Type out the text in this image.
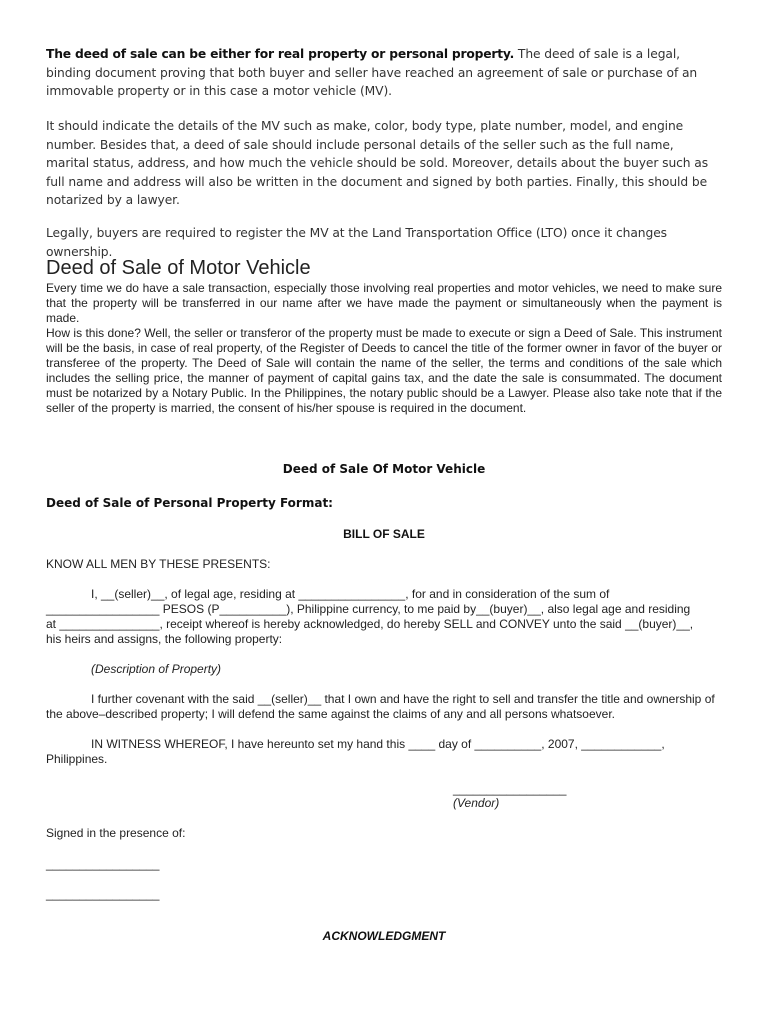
The deed of sale can be either for real property or personal property. The deed of sale is a legal, binding document proving that both buyer and seller have reached an agreement of sale or purchase of an immovable property or in this case a motor vehicle (MV).

It should indicate the details of the MV such as make, color, body type, plate number, model, and engine number. Besides that, a deed of sale should include personal details of the seller such as the full name, marital status, address, and how much the vehicle should be sold. Moreover, details about the buyer such as full name and address will also be written in the document and signed by both parties. Finally, this should be notarized by a lawyer.

Legally, buyers are required to register the MV at the Land Transportation Office (LTO) once it changes ownership.

Deed of Sale of Motor Vehicle

Every time we do have a sale transaction, especially those involving real properties and motor vehicles, we need to make sure that the property will be transferred in our name after we have made the payment or simultaneously when the payment is made.

How is this done? Well, the seller or transferor of the property must be made to execute or sign a Deed of Sale. This instrument will be the basis, in case of real property, of the Register of Deeds to cancel the title of the former owner in favor of the buyer or transferee of the property. The Deed of Sale will contain the name of the seller, the terms and conditions of the sale which includes the selling price, the manner of payment of capital gains tax, and the date the sale is consummated. The document must be notarized by a Notary Public. In the Philippines, the notary public should be a Lawyer. Please also take note that if the seller of the property is married, the consent of his/her spouse is required in the document.

Deed of Sale Of Motor Vehicle
Deed of Sale of Personal Property Format:
BILL OF SALE
KNOW ALL MEN BY THESE PRESENTS:
I, __(seller)__, of legal age, residing at ________________, for and in consideration of the sum of
_________________ PESOS (P__________), Philippine currency, to me paid by__(buyer)__, also legal age and residing
at _______________, receipt whereof is hereby acknowledged, do hereby SELL and CONVEY unto the said __(buyer)__,
his heirs and assigns, the following property:
(Description of Property)

I further covenant with the said __(seller)__ that I own and have the right to sell and transfer the title and ownership of the above–described property; I will defend the same against the claims of any and all persons whatsoever.

IN WITNESS WHEREOF, I have hereunto set my hand this ____ day of __________, 2007, ____________, Philippines.

_________________
(Vendor)
Signed in the presence of:
_________________
_________________
ACKNOWLEDGMENT
